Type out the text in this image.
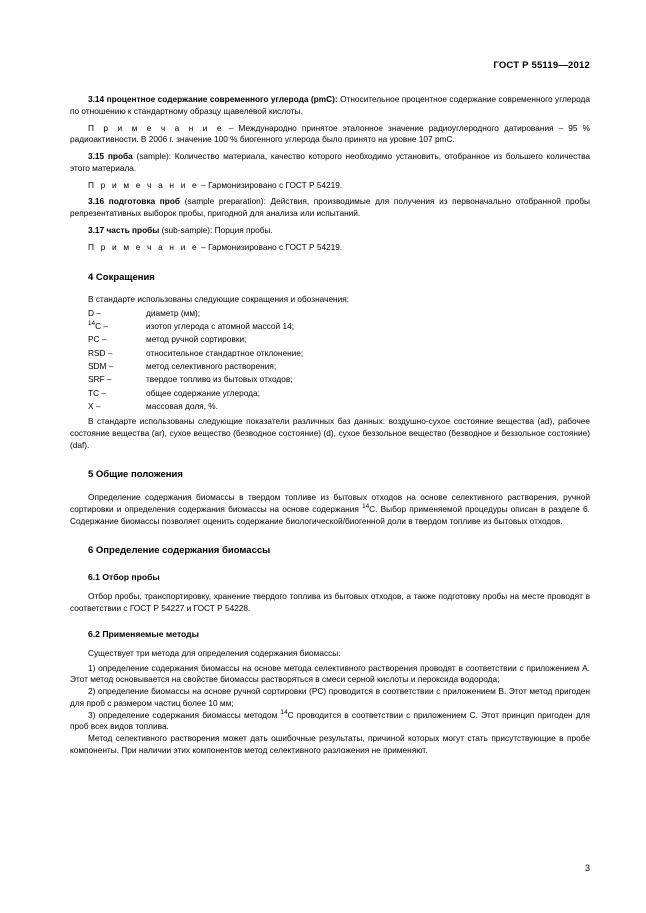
ГОСТ Р 55119—2012

3.14 процентное содержание современного углерода (pmC): Относительное процентное содержание современного углерода по отношению к стандартному образцу щавелевой кислоты.

П р и м е ч а н и е – Международно принятое эталонное значение радиоуглеродного датирования – 95 % радиоактивности. В 2006 г. значение 100 % биогенного углерода было принято на уровне 107 pmC.

3.15 проба (sample): Количество материала, качество которого необходимо установить, отобранное из большего количества этого материала.

П р и м е ч а н и е – Гармонизировано с ГОСТ Р 54219.

3.16 подготовка проб (sample preparation): Действия, производимые для получения из первоначально отобранной пробы репрезентативных выборок пробы, пригодной для анализа или испытаний.

3.17 часть пробы (sub-sample): Порция пробы.

П р и м е ч а н и е – Гармонизировано с ГОСТ Р 54219.

4 Сокращения

В стандарте использованы следующие сокращения и обозначения:

D –	диаметр (мм);
$^{14}$C –	изотоп углерода с атомной массой 14;
PC –	метод ручной сортировки;
RSD –	относительное стандартное отклонение;
SDM –	метод селективного растворения;
SRF –	твердое топливо из бытовых отходов;
TC –	общее содержание углерода;
X –	массовая доля, %.

В стандарте использованы следующие показатели различных баз данных: воздушно-сухое состояние вещества (ad), рабочее состояние вещества (ar), сухое вещество (безводное состояние) (d), сухое беззольное вещество (безводное и беззольное состояние) (daf).

5 Общие положения

Определение содержания биомассы в твердом топливе из бытовых отходов на основе селективного растворения, ручной сортировки и определения содержания биомассы на основе содержания $^{14}$C. Выбор применяемой процедуры описан в разделе 6. Содержание биомассы позволяет оценить содержание биологической/биогенной доли в твердом топливе из бытовых отходов.

6 Определение содержания биомассы
6.1 Отбор пробы

Отбор пробы, транспортировку, хранение твердого топлива из бытовых отходов, а также подготовку пробы на месте проводят в соответствии с ГОСТ Р 54227 и ГОСТ Р 54228.

6.2 Применяемые методы

Существует три метода для определения содержания биомассы:

1) определение содержания биомассы на основе метода селективного растворения проводят в соответствии с приложением А. Этот метод основывается на свойстве биомассы растворяться в смеси серной кислоты и пероксида водорода;

2) определение биомассы на основе ручной сортировки (PC) проводится в соответствии с приложением В. Этот метод пригоден для проб с размером частиц более 10 мм;

3) определение содержания биомассы методом $^{14}$C проводится в соответствии с приложением С. Этот принцип пригоден для проб всех видов топлива.

Метод селективного растворения может дать ошибочные результаты, причиной которых могут стать присутствующие в пробе компоненты. При наличии этих компонентов метод селективного разложения не применяют.

3
